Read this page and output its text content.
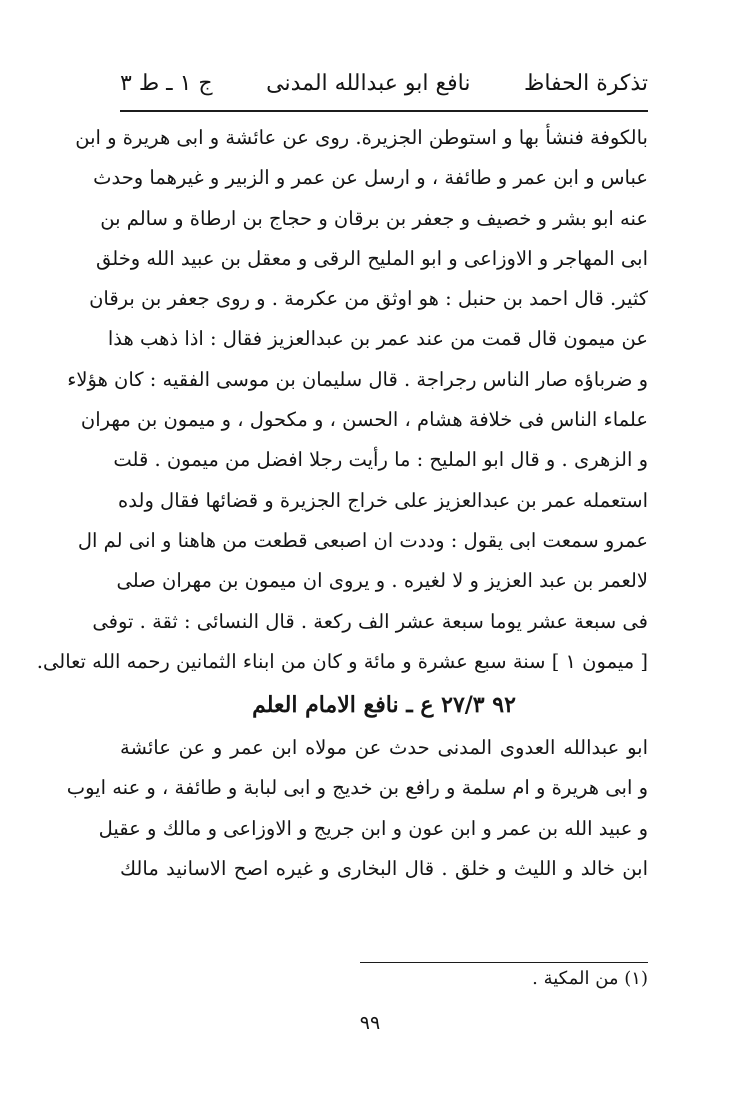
تذكرة الحفاظ
نافع ابو عبدالله المدنى
ج ١ ـ ط ٣
بالكوفة فنشأ بها و استوطن الجزيرة. روى عن عائشة و ابى هريرة و ابن
عباس و ابن عمر و طائفة ، و ارسل عن عمر و الزبير و غيرهما وحدث
عنه ابو بشر و خصيف و جعفر بن برقان و حجاج بن ارطاة و سالم بن
ابى المهاجر و الاوزاعى و ابو المليح الرقى و معقل بن عبيد الله وخلق
كثير. قال احمد بن حنبل : هو اوثق من عكرمة . و روى جعفر بن برقان
عن ميمون قال قمت من عند عمر بن عبدالعزيز فقال : اذا ذهب هذا
و ضرباؤه صار الناس رجراجة . قال سليمان بن موسى الفقيه : كان هؤلاء
علماء الناس فى خلافة هشام ، الحسن ، و مكحول ، و ميمون بن مهران
و الزهرى . و قال ابو المليح : ما رأيت رجلا افضل من ميمون . قلت
استعمله عمر بن عبدالعزيز على خراج الجزيرة و قضائها فقال ولده
عمرو سمعت ابى يقول : وددت ان اصبعى قطعت من هاهنا و انى لم ال
لالعمر بن عبد العزيز و لا لغيره . و يروى ان ميمون بن مهران صلى
فى سبعة عشر يوما سبعة عشر الف ركعة . قال النسائى : ثقة . توفى
[ ميمون ١ ] سنة سبع عشرة و مائة و كان من ابناء الثمانين رحمه الله تعالى.
٩٢ ٢٧/٣ ع ـ نافع الامام العلم
ابو عبدالله العدوى المدنى حدث عن مولاه ابن عمر و عن عائشة
و ابى هريرة و ام سلمة و رافع بن خديج و ابى لبابة و طائفة ، و عنه ايوب
و عبيد الله بن عمر و ابن عون و ابن جريج و الاوزاعى و مالك و عقيل
ابن خالد و الليث و خلق . قال البخارى و غيره اصح الاسانيد مالك
(١) من المكية .
٩٩
